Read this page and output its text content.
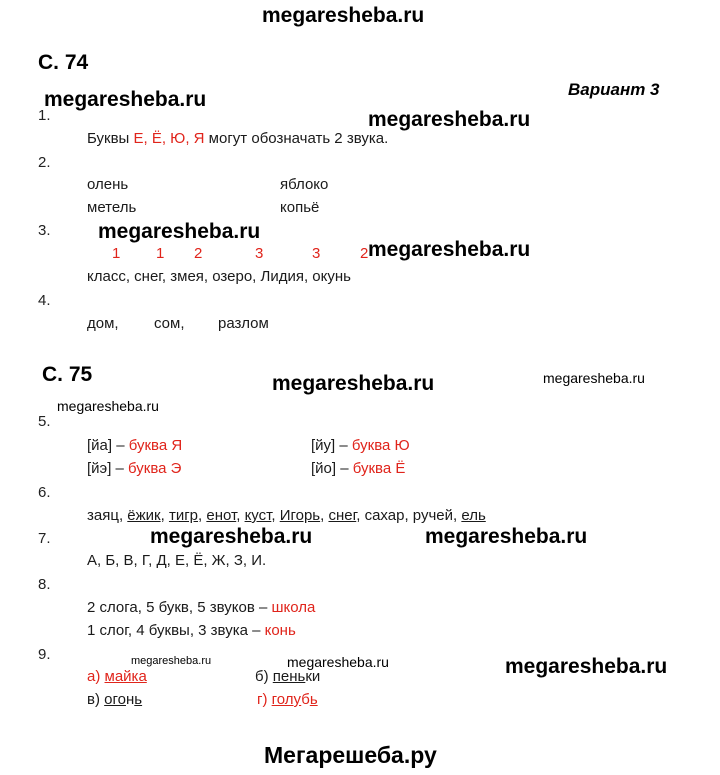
megaresheba.ru
Мегарешеба.ру
megaresheba.ru
megaresheba.ru
megaresheba.ru
megaresheba.ru
megaresheba.ru	megaresheba.ru
megaresheba.ru
megaresheba.ru	megaresheba.ru
megaresheba.ru	megaresheba.ru	megaresheba.ru
С. 74
Вариант 3
1.
Буквы Е, Ё, Ю, Я могут обозначать 2 звука.
2.
олень	яблоко
метель	копьё
3.
1 1 2	3	3	2
класс, снег, змея, озеро, Лидия, окунь
4.
дом, сом, разлом
С. 75
5.
[йа] – буква Я	[йу] – буква Ю
[йэ] – буква Э	[йо] – буква Ё
6.
заяц, ёжик, тигр, енот, куст, Игорь, снег, сахар, ручей, ель
7.
А, Б, В, Г, Д, Е, Ё, Ж, З, И.
8.
2 слога, 5 букв, 5 звуков – школа
1 слог, 4 буквы, 3 звука – конь
9.
а) майка	б) пеньки
в) огонь	г) голубь
